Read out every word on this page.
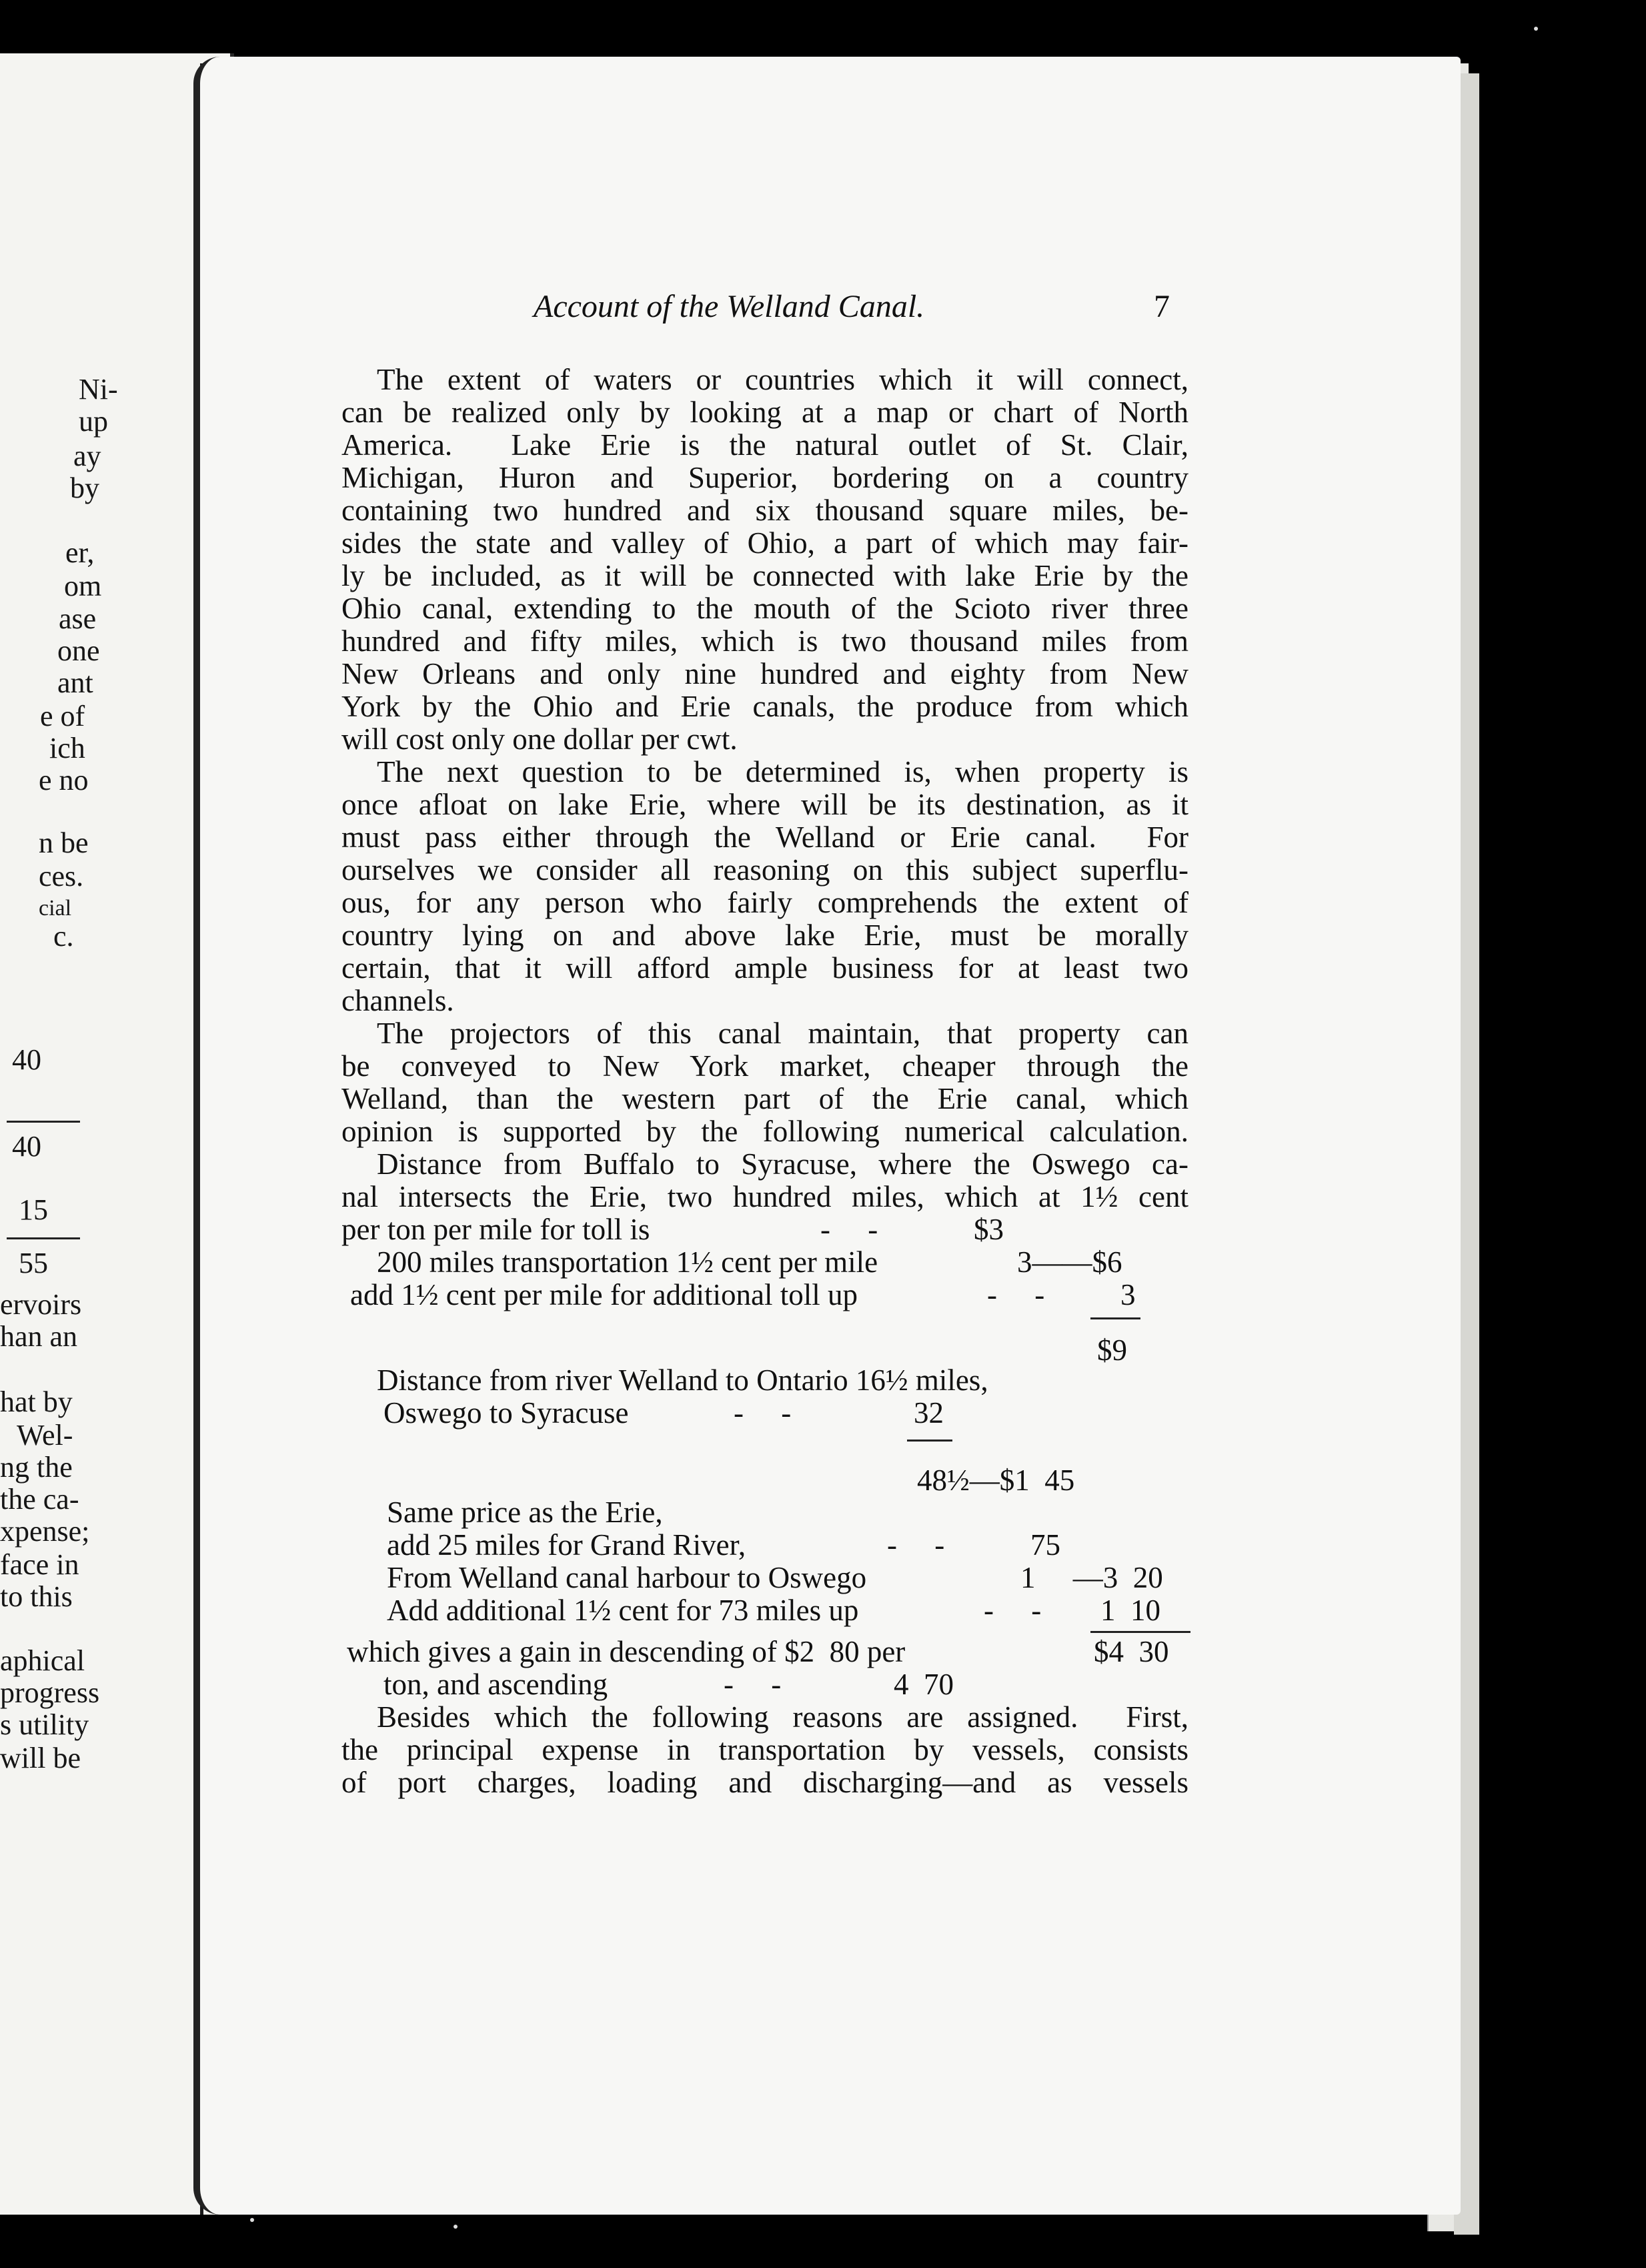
Ni-
up
ay
by
er,
om
ase
one
ant
e of
ich
e no
n be
ces.
cial
c.
40
40
15
55
ervoirs
han an
hat by
Wel-
ng the
the ca-
xpense;
face in
to this
aphical
progress
s utility
will be
Account of the Welland Canal.	7
The extent of waters or countries which it will connect,
can be realized only by looking at a map or chart of North
America.  Lake Erie is the natural outlet of St. Clair,
Michigan, Huron and Superior, bordering on a country
containing two hundred and six thousand square miles, be-
sides the state and valley of Ohio, a part of which may fair-
ly be included, as it will be connected with lake Erie by the
Ohio canal, extending to the mouth of the Scioto river three
hundred and fifty miles, which is two thousand miles from
New Orleans and only nine hundred and eighty from New
York by the Ohio and Erie canals, the produce from which
will cost only one dollar per cwt.
The next question to be determined is, when property is
once afloat on lake Erie, where will be its destination, as it
must pass either through the Welland or Erie canal.  For
ourselves we consider all reasoning on this subject superflu-
ous, for any person who fairly comprehends the extent of
country lying on and above lake Erie, must be morally
certain, that it will afford ample business for at least two
channels.
The projectors of this canal maintain, that property can
be conveyed to New York market, cheaper through the
Welland, than the western part of the Erie canal, which
opinion is supported by the following numerical calculation.
Distance from Buffalo to Syracuse, where the Oswego ca-
nal intersects the Erie, two hundred miles, which at 1½ cent
per ton per mile for toll is	-     -	$3
200 miles transportation 1½ cent per mile	3——$6
add 1½ cent per mile for additional toll up	-     -	3
$9
Distance from river Welland to Ontario 16½ miles,
Oswego to Syracuse	-     -	32
48½—$1  45
Same price as the Erie,
add 25 miles for Grand River,	-     -	75
From Welland canal harbour to Oswego	1     —3  20
Add additional 1½ cent for 73 miles up	-     - 1  10
which gives a gain in descending of $2  80 per	$4  30
ton, and ascending	-     -	4  70
Besides which the following reasons are assigned.  First,
the principal expense in transportation by vessels, consists
of port charges, loading and discharging—and as vessels
